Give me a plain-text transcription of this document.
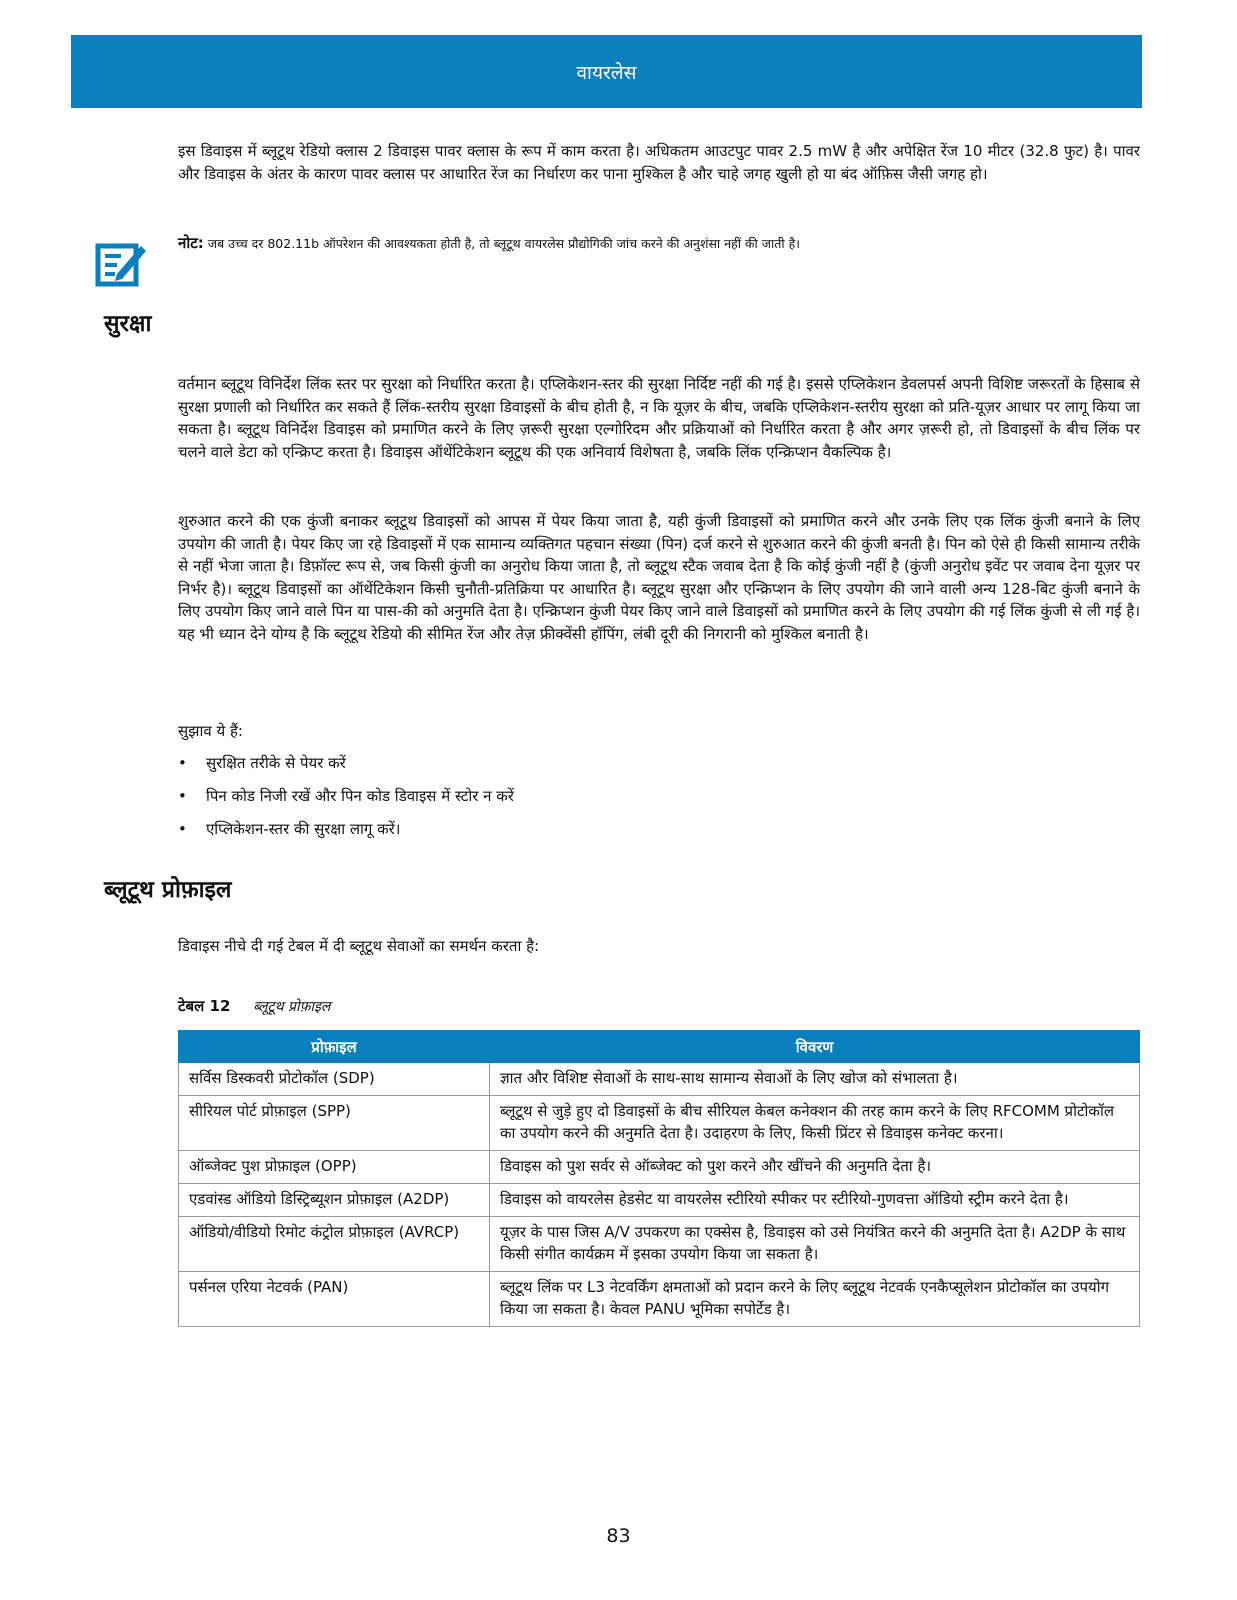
वायरलेस

इस डिवाइस में ब्लूटूथ रेडियो क्लास 2 डिवाइस पावर क्लास के रूप में काम करता है। अधिकतम आउटपुट पावर 2.5 mW है और अपेक्षित रेंज 10 मीटर (32.8 फुट) है। पावर और डिवाइस के अंतर के कारण पावर क्लास पर आधारित रेंज का निर्धारण कर पाना मुश्किल है और चाहे जगह खुली हो या बंद ऑफ़िस जैसी जगह हो।

नोट: जब उच्च दर 802.11b ऑपरेशन की आवश्यकता होती है, तो ब्लूटूथ वायरलेस प्रौद्योगिकी जांच करने की अनुशंसा नहीं की जाती है।
सुरक्षा

वर्तमान ब्लूटूथ विनिर्देश लिंक स्तर पर सुरक्षा को निर्धारित करता है। एप्लिकेशन-स्तर की सुरक्षा निर्दिष्ट नहीं की गई है। इससे एप्लिकेशन डेवलपर्स अपनी विशिष्ट जरूरतों के हिसाब से सुरक्षा प्रणाली को निर्धारित कर सकते हैं लिंक-स्तरीय सुरक्षा डिवाइसों के बीच होती है, न कि यूज़र के बीच, जबकि एप्लिकेशन-स्तरीय सुरक्षा को प्रति-यूज़र आधार पर लागू किया जा सकता है। ब्लूटूथ विनिर्देश डिवाइस को प्रमाणित करने के लिए ज़रूरी सुरक्षा एल्गोरिदम और प्रक्रियाओं को निर्धारित करता है और अगर ज़रूरी हो, तो डिवाइसों के बीच लिंक पर चलने वाले डेटा को एन्क्रिप्ट करता है। डिवाइस ऑथेंटिकेशन ब्लूटूथ की एक अनिवार्य विशेषता है, जबकि लिंक एन्क्रिप्शन वैकल्पिक है।

शुरुआत करने की एक कुंजी बनाकर ब्लूटूथ डिवाइसों को आपस में पेयर किया जाता है, यही कुंजी डिवाइसों को प्रमाणित करने और उनके लिए एक लिंक कुंजी बनाने के लिए उपयोग की जाती है। पेयर किए जा रहे डिवाइसों में एक सामान्य व्यक्तिगत पहचान संख्या (पिन) दर्ज करने से शुरुआत करने की कुंजी बनती है। पिन को ऐसे ही किसी सामान्य तरीके से नहीं भेजा जाता है। डिफ़ॉल्ट रूप से, जब किसी कुंजी का अनुरोध किया जाता है, तो ब्लूटूथ स्टैक जवाब देता है कि कोई कुंजी नहीं है (कुंजी अनुरोध इवेंट पर जवाब देना यूज़र पर निर्भर है)। ब्लूटूथ डिवाइसों का ऑथेंटिकेशन किसी चुनौती-प्रतिक्रिया पर आधारित है। ब्लूटूथ सुरक्षा और एन्क्रिप्शन के लिए उपयोग की जाने वाली अन्य 128-बिट कुंजी बनाने के लिए उपयोग किए जाने वाले पिन या पास-की को अनुमति देता है। एन्क्रिप्शन कुंजी पेयर किए जाने वाले डिवाइसों को प्रमाणित करने के लिए उपयोग की गई लिंक कुंजी से ली गई है। यह भी ध्यान देने योग्य है कि ब्लूटूथ रेडियो की सीमित रेंज और तेज़ फ्रीक्वेंसी हॉपिंग, लंबी दूरी की निगरानी को मुश्किल बनाती है।

सुझाव ये हैं:

•	सुरक्षित तरीके से पेयर करें
•	पिन कोड निजी रखें और पिन कोड डिवाइस में स्टोर न करें
•	एप्लिकेशन-स्तर की सुरक्षा लागू करें।
ब्लूटूथ प्रोफ़ाइल

डिवाइस नीचे दी गई टेबल में दी ब्लूटूथ सेवाओं का समर्थन करता है:

टेबल 12 ब्लूटूथ प्रोफ़ाइल
प्रोफ़ाइल	विवरण
सर्विस डिस्कवरी प्रोटोकॉल (SDP)	ज्ञात और विशिष्ट सेवाओं के साथ-साथ सामान्य सेवाओं के लिए खोज को संभालता है।
सीरियल पोर्ट प्रोफ़ाइल (SPP)	ब्लूटूथ से जुड़े हुए दो डिवाइसों के बीच सीरियल केबल कनेक्शन की तरह काम करने के लिए RFCOMM प्रोटोकॉल का उपयोग करने की अनुमति देता है। उदाहरण के लिए, किसी प्रिंटर से डिवाइस कनेक्ट करना।
ऑब्जेक्ट पुश प्रोफ़ाइल (OPP)	डिवाइस को पुश सर्वर से ऑब्जेक्ट को पुश करने और खींचने की अनुमति देता है।
एडवांस्ड ऑडियो डिस्ट्रिब्यूशन प्रोफ़ाइल (A2DP)	डिवाइस को वायरलेस हेडसेट या वायरलेस स्टीरियो स्पीकर पर स्टीरियो-गुणवत्ता ऑडियो स्ट्रीम करने देता है।
ऑडियो/वीडियो रिमोट कंट्रोल प्रोफ़ाइल (AVRCP)	यूज़र के पास जिस A/V उपकरण का एक्सेस है, डिवाइस को उसे नियंत्रित करने की अनुमति देता है। A2DP के साथ किसी संगीत कार्यक्रम में इसका उपयोग किया जा सकता है।
पर्सनल एरिया नेटवर्क (PAN)	ब्लूटूथ लिंक पर L3 नेटवर्किंग क्षमताओं को प्रदान करने के लिए ब्लूटूथ नेटवर्क एनकैप्सूलेशन प्रोटोकॉल का उपयोग किया जा सकता है। केवल PANU भूमिका सपोर्टेड है।
83
